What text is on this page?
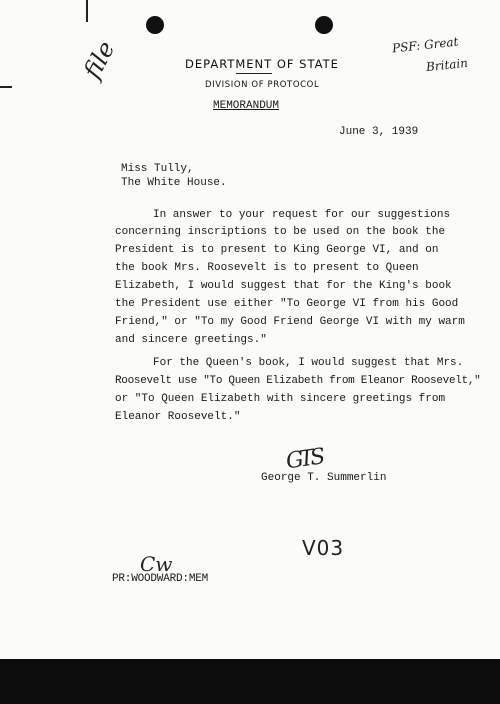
file	PSF: Great
Britain
DEPARTMENT OF STATE
DIVISION OF PROTOCOL
MEMORANDUM
June 3, 1939
Miss Tully,
The White House.
In answer to your request for our suggestions
concerning inscriptions to be used on the book the
President is to present to King George VI, and on
the book Mrs. Roosevelt is to present to Queen
Elizabeth, I would suggest that for the King's book
the President use either "To George VI from his Good
Friend," or "To my Good Friend George VI with my warm
and sincere greetings."
For the Queen's book, I would suggest that Mrs.
Roosevelt use "To Queen Elizabeth from Eleanor Roosevelt,"
or "To Queen Elizabeth with sincere greetings from
Eleanor Roosevelt."
GTS
George T. Summerlin
V03
Cw
PR:WOODWARD:MEM
